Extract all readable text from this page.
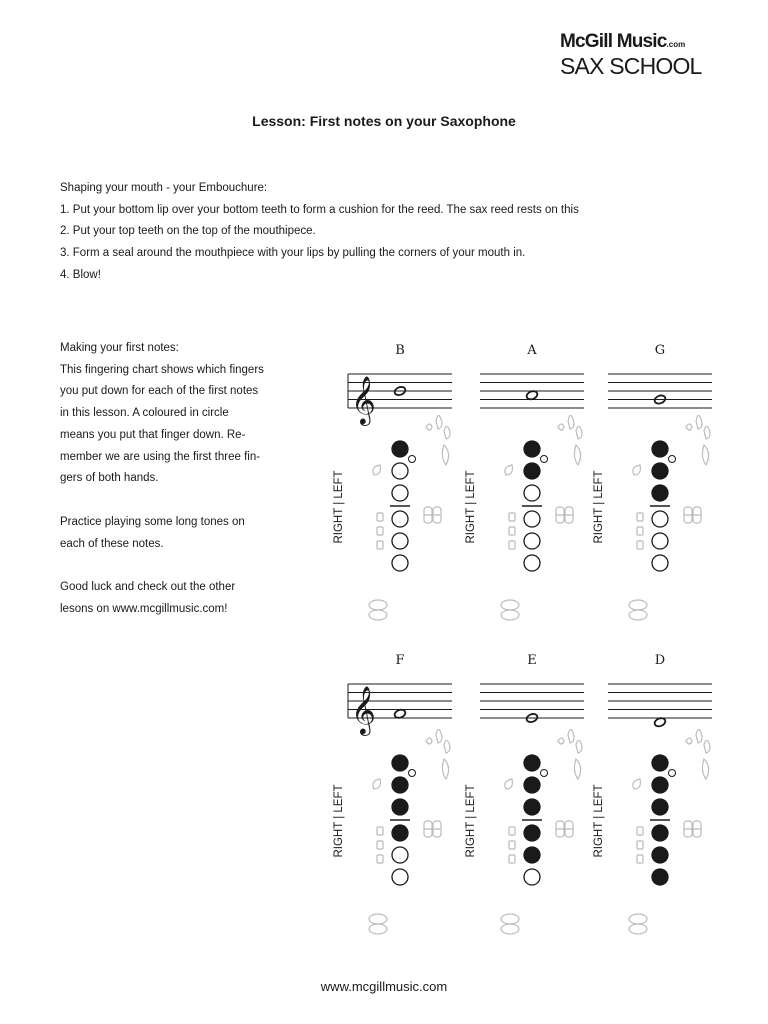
McGill Music.com
SAX SCHOOL
Lesson: First notes on your Saxophone

Shaping your mouth - your Embouchure:

1. Put your bottom lip over your bottom teeth to form a cushion for the reed. The sax reed rests on this

2. Put your top teeth on the top of the mouthipece.

3. Form a seal around the mouthpiece with your lips by pulling the corners of your mouth in.

4. Blow!

Making your first notes:

This fingering chart shows which fingers

you put down for each of the first notes

in this lesson. A coloured in circle

means you put that finger down. Re-

member we are using the first three fin-

gers of both hands.

Practice playing some long tones on

each of these notes.

Good luck and check out the other

lesons on www.mcgillmusic.com!

B
𝄞
RIGHT | LEFT
A
RIGHT | LEFT
G
RIGHT | LEFT
F
𝄞
RIGHT | LEFT
E
RIGHT | LEFT
D
RIGHT | LEFT
www.mcgillmusic.com
